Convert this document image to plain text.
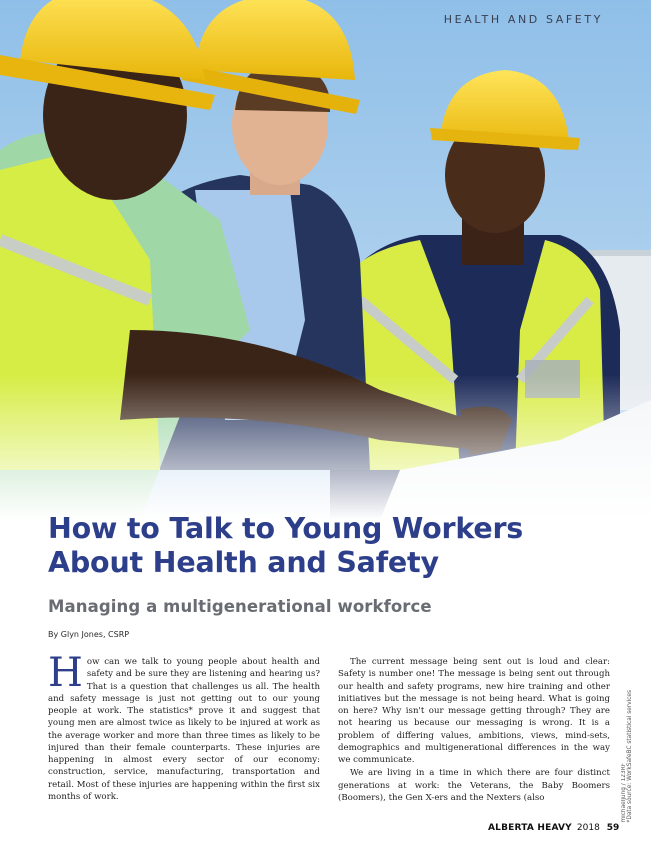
HEALTH AND SAFETY
How to Talk to Young Workers About Health and Safety
Managing a multigenerational workforce
By Glyn Jones, CSRP
H ow can we talk to young people about health and safety and be sure they are listening and hearing us? That is a question that challenges us all. The health and safety message is just not getting out to our young people at work. The statistics* prove it and suggest that young men are almost twice as likely to be injured at work as the average worker and more than three times as likely to be injured than their female counterparts. These injuries are happening in almost every sector of our economy: construction, service, manufacturing, transportation and retail. Most of these injuries are happening within the first six months of work.

The current message being sent out is loud and clear: Safety is number one! The message is being sent out through our health and safety programs, new hire training and other initiatives but the message is not being heard. What is going on here? Why isn't our message getting through? They are not hearing us because our messaging is wrong. It is a problem of differing values, ambitions, views, mind-sets, demographics and multigenerational differences in the way we communicate.

We are living in a time in which there are four distinct generations at work: the Veterans, the Baby Boomers (Boomers), the Gen X-ers and the Nexters (also	michaeljung / 123RF *Data source: WorkSafeBC statistical services
ALBERTA HEAVY 2018 59
